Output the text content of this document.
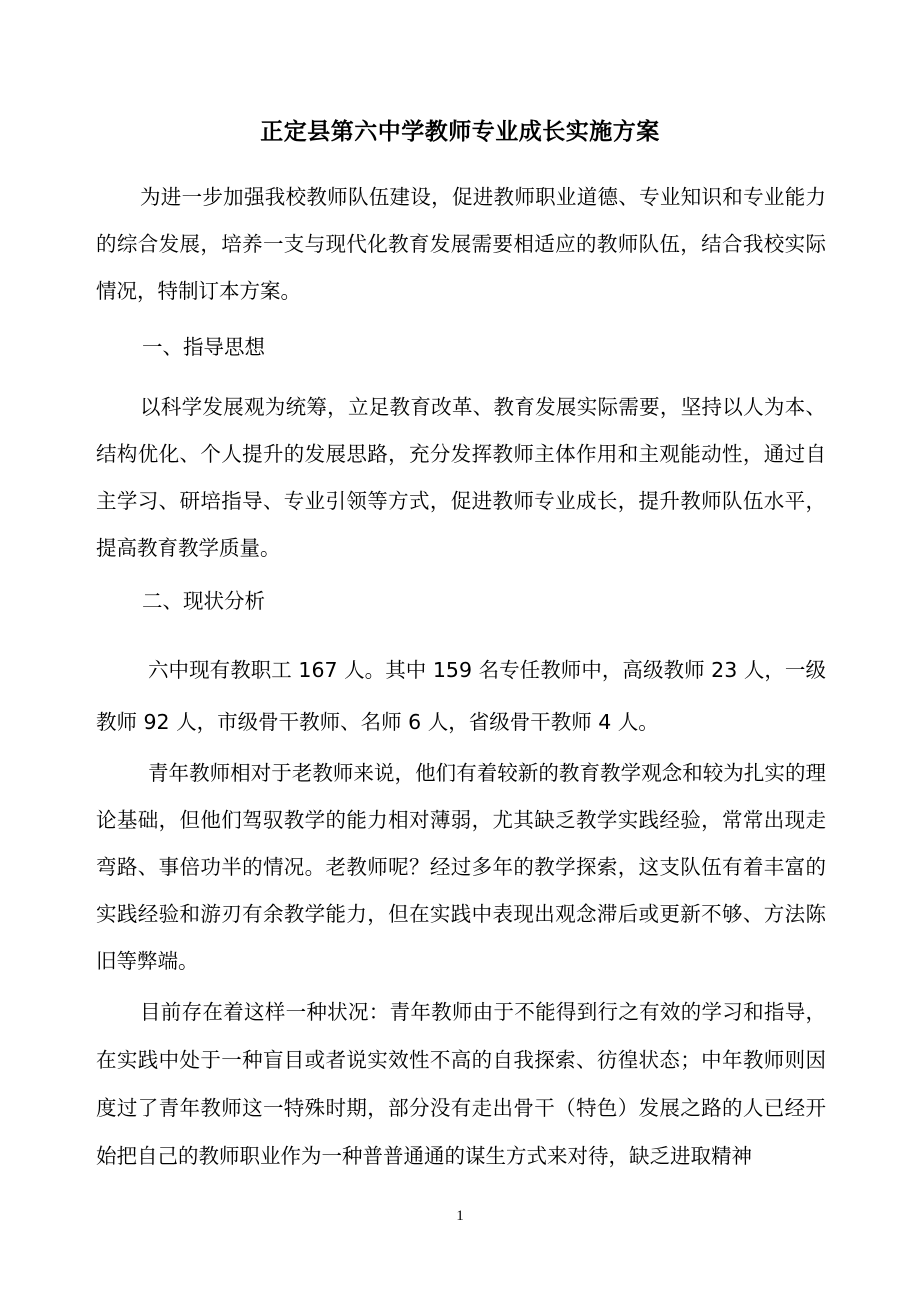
正定县第六中学教师专业成长实施方案
为进一步加强我校教师队伍建设，促进教师职业道德、专业知识和专业能力的综合发展，培养一支与现代化教育发展需要相适应的教师队伍，结合我校实际情况，特制订本方案。
一、指导思想
以科学发展观为统筹，立足教育改革、教育发展实际需要，坚持以人为本、结构优化、个人提升的发展思路，充分发挥教师主体作用和主观能动性，通过自主学习、研培指导、专业引领等方式，促进教师专业成长，提升教师队伍水平，提高教育教学质量。
二、现状分析
六中现有教职工 167 人。其中 159 名专任教师中，高级教师 23 人，一级教师 92 人，市级骨干教师、名师 6 人，省级骨干教师 4 人。
青年教师相对于老教师来说，他们有着较新的教育教学观念和较为扎实的理论基础，但他们驾驭教学的能力相对薄弱，尤其缺乏教学实践经验，常常出现走弯路、事倍功半的情况。老教师呢？经过多年的教学探索，这支队伍有着丰富的实践经验和游刃有余教学能力，但在实践中表现出观念滞后或更新不够、方法陈旧等弊端。
目前存在着这样一种状况：青年教师由于不能得到行之有效的学习和指导，在实践中处于一种盲目或者说实效性不高的自我探索、彷徨状态；中年教师则因度过了青年教师这一特殊时期，部分没有走出骨干（特色）发展之路的人已经开始把自己的教师职业作为一种普普通通的谋生方式来对待，缺乏进取精神
1
